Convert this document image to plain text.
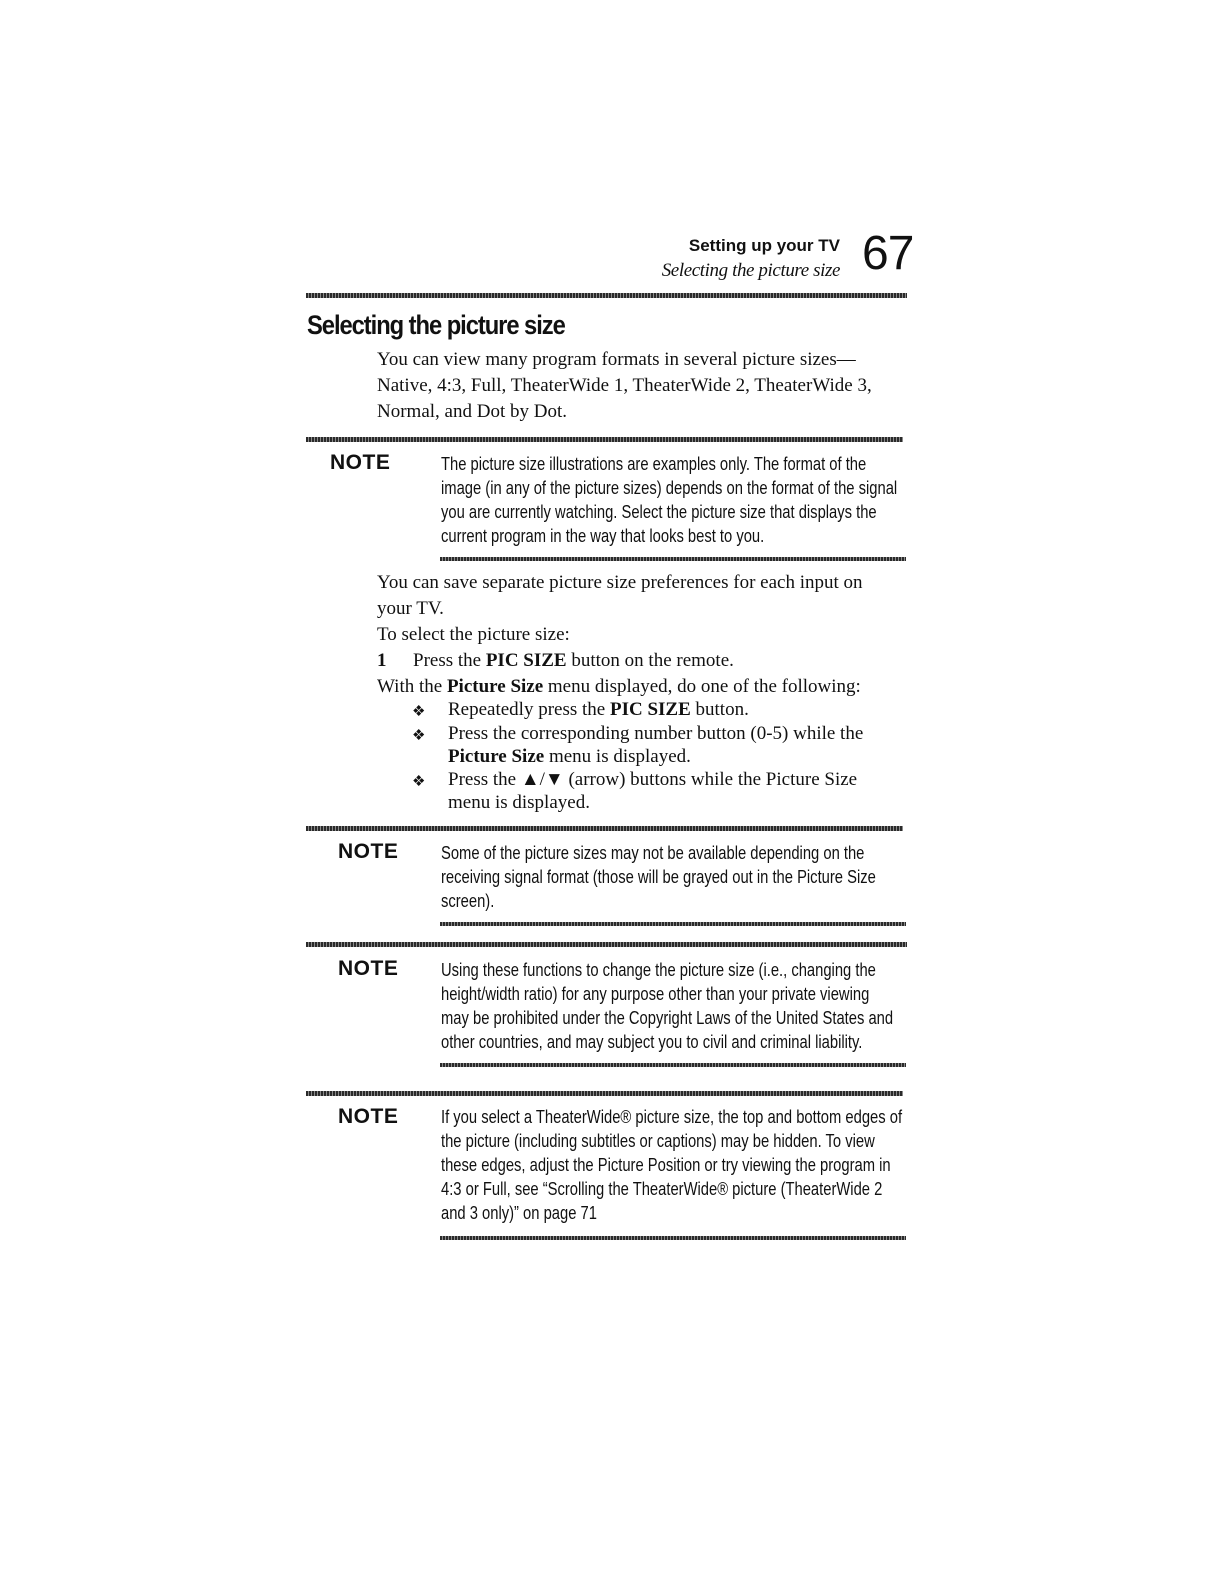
Setting up your TV
Selecting the picture size 67
Selecting the picture size
You can view many program formats in several picture sizes—
Native, 4:3, Full, TheaterWide 1, TheaterWide 2, TheaterWide 3,
Normal, and Dot by Dot.
NOTE	The picture size illustrations are examples only. The format of the
image (in any of the picture sizes) depends on the format of the signal
you are currently watching. Select the picture size that displays the
current program in the way that looks best to you.
You can save separate picture size preferences for each input on
your TV.
To select the picture size:
1 Press the PIC SIZE button on the remote.
With the Picture Size menu displayed, do one of the following:
❖ Repeatedly press the PIC SIZE button.
❖ Press the corresponding number button (0-5) while the
Picture Size menu is displayed.
❖ Press the ▲/▼ (arrow) buttons while the Picture Size
menu is displayed.
NOTE Some of the picture sizes may not be available depending on the
receiving signal format (those will be grayed out in the Picture Size
screen).
NOTE Using these functions to change the picture size (i.e., changing the
height/width ratio) for any purpose other than your private viewing
may be prohibited under the Copyright Laws of the United States and
other countries, and may subject you to civil and criminal liability.
NOTE If you select a TheaterWide® picture size, the top and bottom edges of
the picture (including subtitles or captions) may be hidden. To view
these edges, adjust the Picture Position or try viewing the program in
4:3 or Full, see “Scrolling the TheaterWide® picture (TheaterWide 2
and 3 only)” on page 71
